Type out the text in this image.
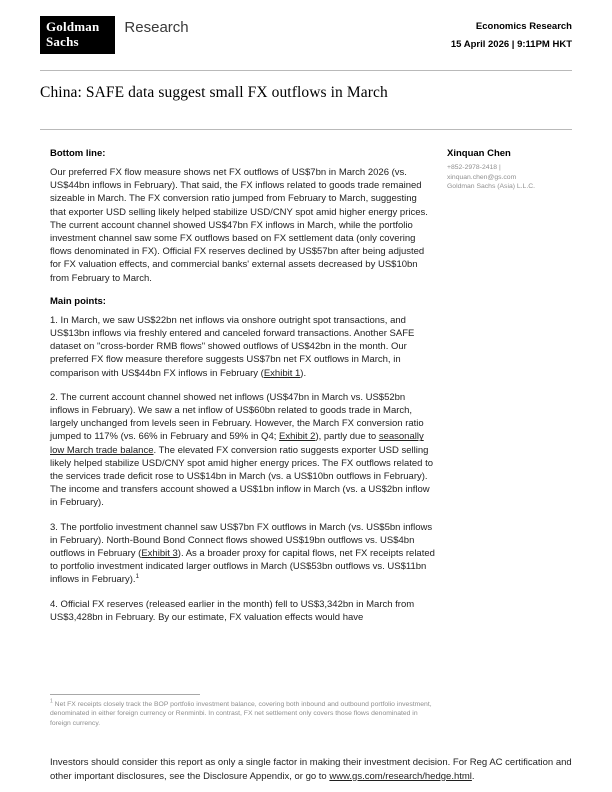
Goldman
Sachs
Research	Economics Research
15 April 2026 | 9:11PM HKT
China: SAFE data suggest small FX outflows in March
Bottom line:

Our preferred FX flow measure shows net FX outflows of US$7bn in March 2026 (vs. US$44bn inflows in February). That said, the FX inflows related to goods trade remained sizeable in March. The FX conversion ratio jumped from February to March, suggesting that exporter USD selling likely helped stabilize USD/CNY spot amid higher energy prices. The current account channel showed US$47bn FX inflows in March, while the portfolio investment channel saw some FX outflows based on FX settlement data (only covering flows denominated in FX). Official FX reserves declined by US$57bn after being adjusted for FX valuation effects, and commercial banks' external assets decreased by US$10bn from February to March.

Main points:

1. In March, we saw US$22bn net inflows via onshore outright spot transactions, and US$13bn inflows via freshly entered and canceled forward transactions. Another SAFE dataset on "cross-border RMB flows" showed outflows of US$42bn in the month. Our preferred FX flow measure therefore suggests US$7bn net FX outflows in March, in comparison with US$44bn FX inflows in February (Exhibit 1).

2. The current account channel showed net inflows (US$47bn in March vs. US$52bn inflows in February). We saw a net inflow of US$60bn related to goods trade in March, largely unchanged from levels seen in February. However, the March FX conversion ratio jumped to 117% (vs. 66% in February and 59% in Q4; Exhibit 2), partly due to seasonally low March trade balance. The elevated FX conversion ratio suggests exporter USD selling likely helped stabilize USD/CNY spot amid higher energy prices. The FX outflows related to the services trade deficit rose to US$14bn in March (vs. a US$10bn outflows in February). The income and transfers account showed a US$1bn inflow in March (vs. a US$2bn inflow in February).

3. The portfolio investment channel saw US$7bn FX outflows in March (vs. US$5bn inflows in February). North-Bound Bond Connect flows showed US$19bn outflows vs. US$4bn outflows in February (Exhibit 3). As a broader proxy for capital flows, net FX receipts related to portfolio investment indicated larger outflows in March (US$53bn outflows vs. US$11bn inflows in February).$^1$

4. Official FX reserves (released earlier in the month) fell to US$3,342bn in March from US$3,428bn in February. By our estimate, FX valuation effects would have

Xinquan Chen
+852-2978-2418 |
xinquan.chen@gs.com
Goldman Sachs (Asia) L.L.C.

$^1$ Net FX receipts closely track the BOP portfolio investment balance, covering both inbound and outbound portfolio investment, denominated in either foreign currency or Renminbi. In contrast, FX net settlement only covers those flows denominated in foreign currency.

Investors should consider this report as only a single factor in making their investment decision. For Reg AC certification and other important disclosures, see the Disclosure Appendix, or go to www.gs.com/research/hedge.html.
